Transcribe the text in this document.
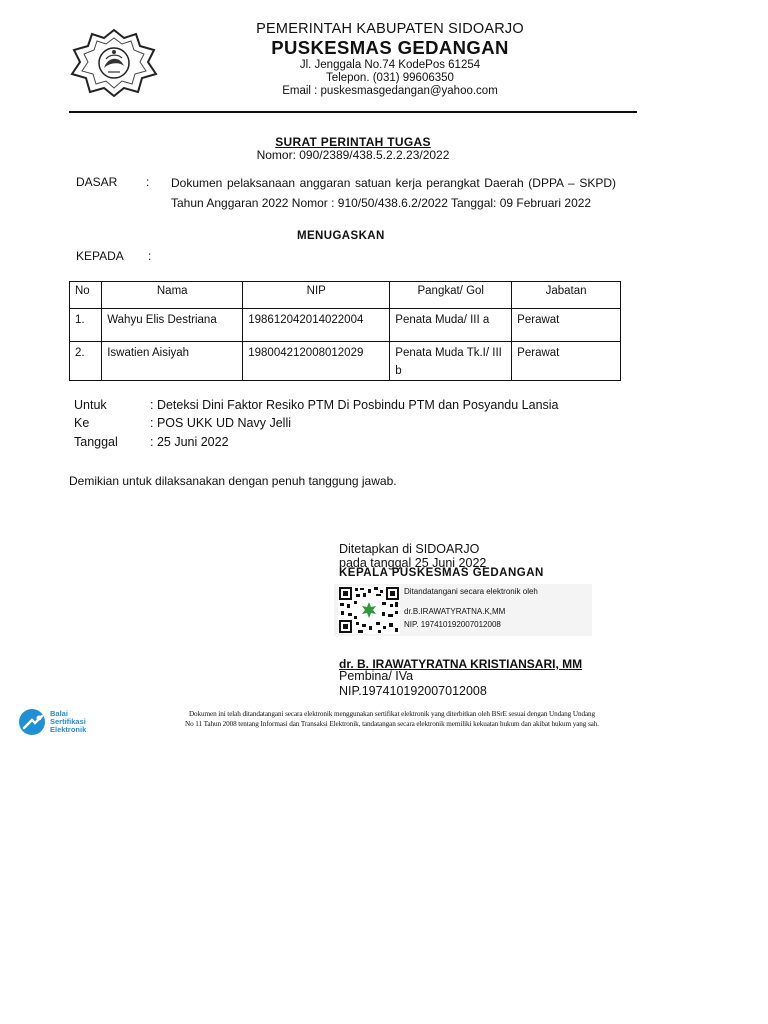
PEMERINTAH KABUPATEN SIDOARJO
PUSKESMAS GEDANGAN
Jl. Jenggala No.74 KodePos 61254
Telepon. (031) 99606350
Email : puskesmasgedangan@yahoo.com
SURAT PERINTAH TUGAS
Nomor: 090/2389/438.5.2.2.23/2022
DASAR : Dokumen pelaksanaan anggaran satuan kerja perangkat Daerah (DPPA – SKPD) Tahun Anggaran 2022 Nomor : 910/50/438.6.2/2022 Tanggal: 09 Februari 2022
MENUGASKAN
KEPADA :
No	Nama	NIP	Pangkat/ Gol	Jabatan
1.	Wahyu Elis Destriana	198612042014022004	Penata Muda/ III a	Perawat
2.	Iswatien Aisiyah	198004212008012029	Penata Muda Tk.I/ III b	Perawat
Untuk	: Deteksi Dini Faktor Resiko PTM Di Posbindu PTM dan Posyandu Lansia
Ke	: POS UKK UD Navy Jelli
Tanggal	: 25 Juni 2022
Demikian untuk dilaksanakan dengan penuh tanggung jawab.
Ditetapkan di SIDOARJO
pada tanggal 25 Juni 2022
KEPALA PUSKESMAS GEDANGAN
Ditandatangani secara elektronik oleh
dr.B.IRAWATYRATNA.K,MM
NIP. 197410192007012008
dr. B. IRAWATYRATNA KRISTIANSARI, MM
Pembina/ IVa
NIP.197410192007012008
Balai
Sertifikasi
Elektronik
Dokumen ini telah ditandatangani secara elektronik menggunakan sertifikat elektronik yang diterbitkan oleh BSrE sesuai dengan Undang Undang
No 11 Tahun 2008 tentang Informasi dan Transaksi Elektronik, tandatangan secara elektronik memiliki kekuatan hukum dan akibat hukum yang sah.
